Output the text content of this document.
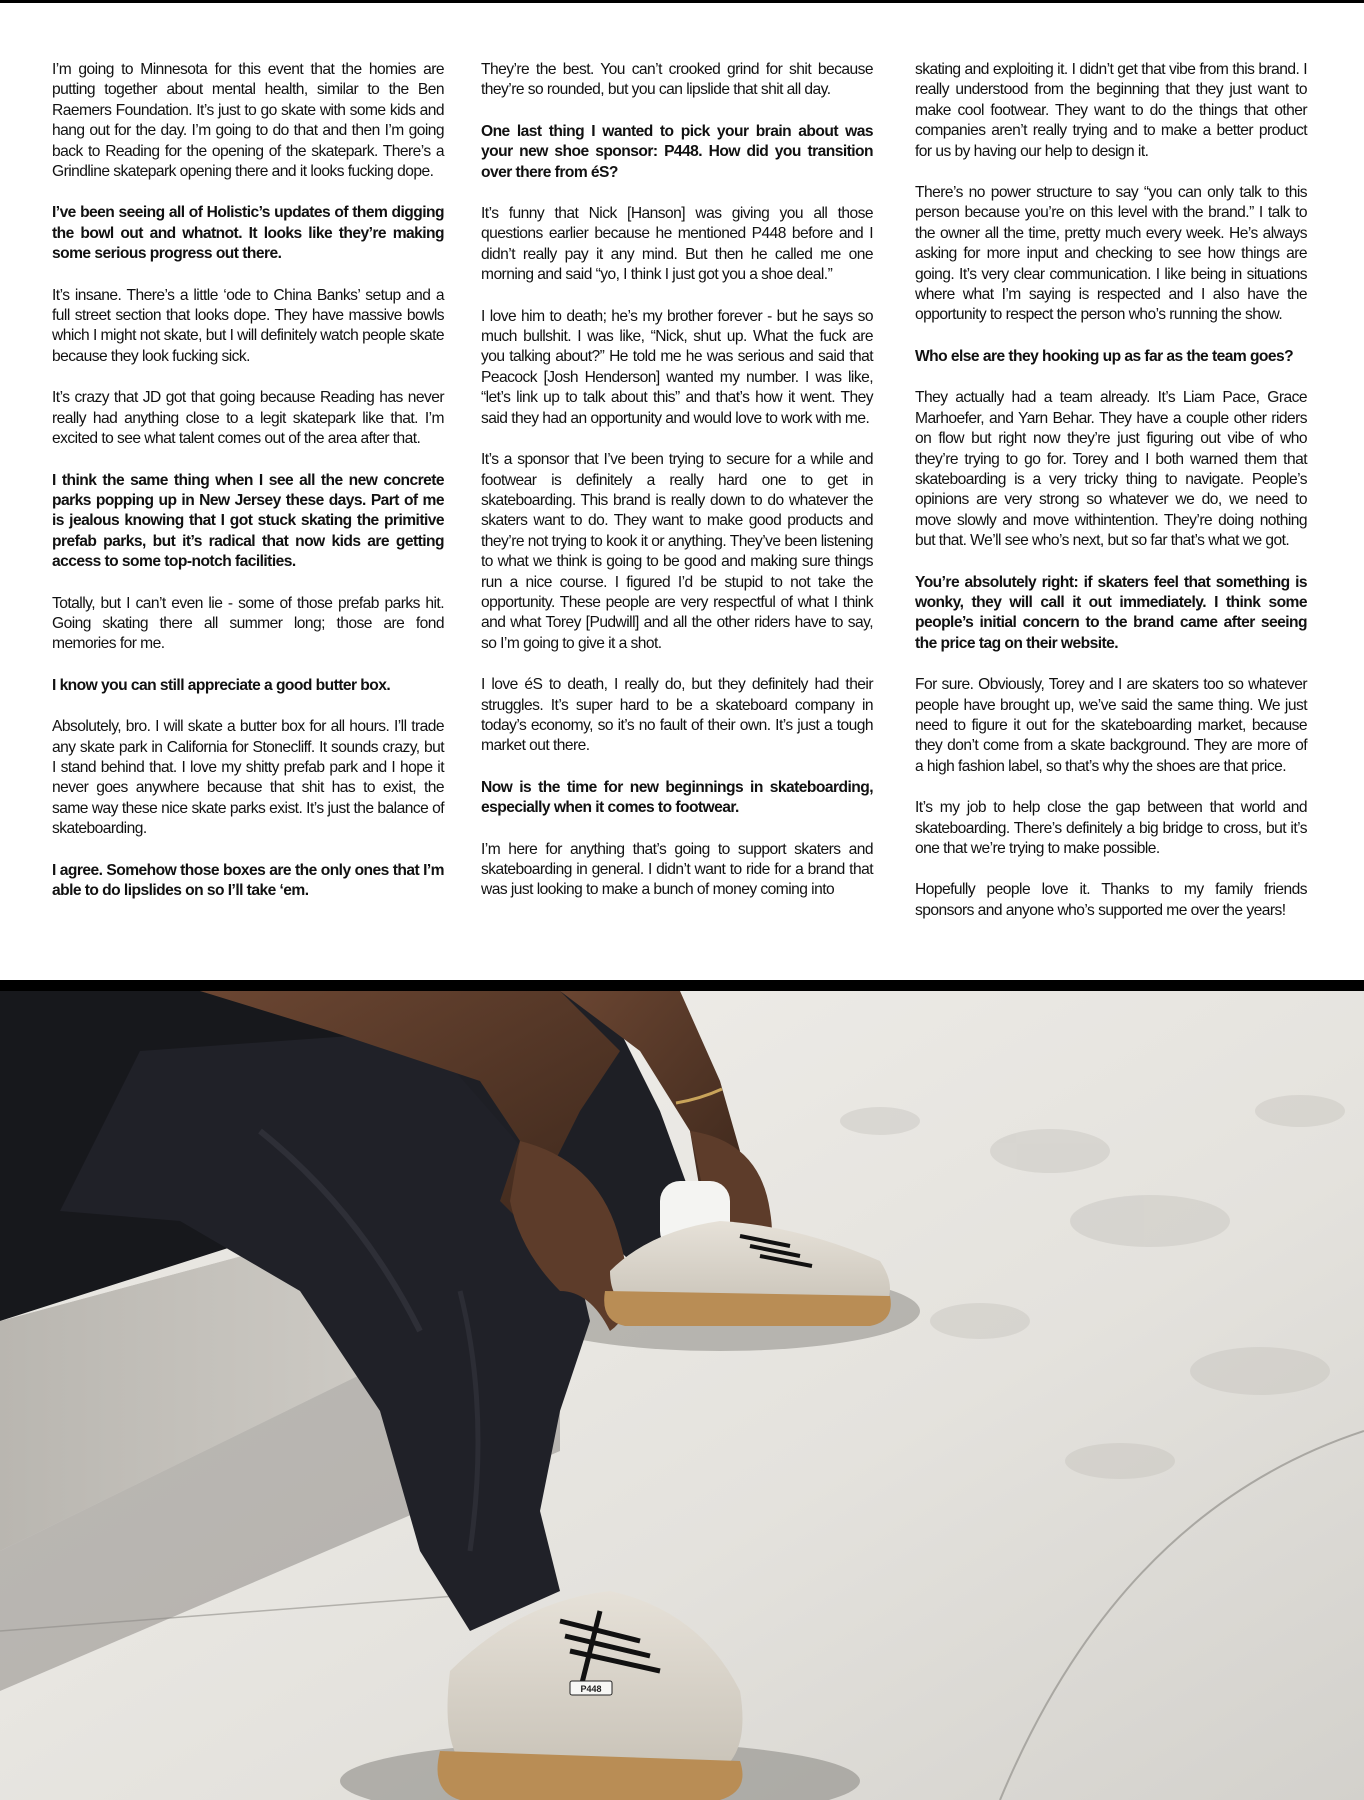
I’m going to Minnesota for this event that the homies are putting together about mental health, similar to the Ben Raemers Foundation. It’s just to go skate with some kids and hang out for the day. I’m going to do that and then I’m going back to Reading for the opening of the skatepark. There’s a Grindline skatepark opening there and it looks fucking dope.

I’ve been seeing all of Holistic’s updates of them digging the bowl out and whatnot. It looks like they’re making some serious progress out there.

It’s insane. There’s a little ‘ode to China Banks’ setup and a full street section that looks dope. They have massive bowls which I might not skate, but I will definitely watch people skate because they look fucking sick.

It’s crazy that JD got that going because Reading has never really had anything close to a legit skatepark like that. I’m excited to see what talent comes out of the area after that.

I think the same thing when I see all the new concrete parks popping up in New Jersey these days. Part of me is jealous knowing that I got stuck skating the primitive prefab parks, but it’s radical that now kids are getting access to some top-notch facilities.

Totally, but I can’t even lie - some of those prefab parks hit. Going skating there all summer long; those are fond memories for me.

I know you can still appreciate a good butter box.

Absolutely, bro. I will skate a butter box for all hours. I’ll trade any skate park in California for Stonecliff. It sounds crazy, but I stand behind that. I love my shitty prefab park and I hope it never goes anywhere because that shit has to exist, the same way these nice skate parks exist. It’s just the balance of skateboarding.

I agree. Somehow those boxes are the only ones that I’m able to do lipslides on so I’ll take ‘em.

They’re the best. You can’t crooked grind for shit because they’re so rounded, but you can lipslide that shit all day.

One last thing I wanted to pick your brain about was your new shoe sponsor: P448. How did you transition over there from éS?

It’s funny that Nick [Hanson] was giving you all those questions earlier because he mentioned P448 before and I didn’t really pay it any mind. But then he called me one morning and said “yo, I think I just got you a shoe deal.”

I love him to death; he’s my brother forever - but he says so much bullshit. I was like, “Nick, shut up. What the fuck are you talking about?” He told me he was serious and said that Peacock [Josh Henderson] wanted my number. I was like, “let’s link up to talk about this” and that’s how it went. They said they had an opportunity and would love to work with me.

It’s a sponsor that I’ve been trying to secure for a while and footwear is definitely a really hard one to get in skateboarding. This brand is really down to do whatever the skaters want to do. They want to make good products and they’re not trying to kook it or anything. They’ve been listening to what we think is going to be good and making sure things run a nice course. I figured I’d be stupid to not take the opportunity. These people are very respectful of what I think and what Torey [Pudwill] and all the other riders have to say, so I’m going to give it a shot.

I love éS to death, I really do, but they definitely had their struggles. It’s super hard to be a skateboard company in today’s economy, so it’s no fault of their own. It’s just a tough market out there.

Now is the time for new beginnings in skateboarding, especially when it comes to footwear.

I’m here for anything that’s going to support skaters and skateboarding in general. I didn’t want to ride for a brand that was just looking to make a bunch of money coming into

skating and exploiting it. I didn’t get that vibe from this brand. I really understood from the beginning that they just want to make cool footwear. They want to do the things that other companies aren’t really trying and to make a better product for us by having our help to design it.

There’s no power structure to say “you can only talk to this person because you’re on this level with the brand.” I talk to the owner all the time, pretty much every week. He’s always asking for more input and checking to see how things are going. It’s very clear communication. I like being in situations where what I’m saying is respected and I also have the opportunity to respect the person who’s running the show.

Who else are they hooking up as far as the team goes?

They actually had a team already. It’s Liam Pace, Grace Marhoefer, and Yarn Behar. They have a couple other riders on flow but right now they’re just figuring out vibe of who they’re trying to go for. Torey and I both warned them that skateboarding is a very tricky thing to navigate. People’s opinions are very strong so whatever we do, we need to move slowly and move withintention. They’re doing nothing but that. We’ll see who’s next, but so far that’s what we got.

You’re absolutely right: if skaters feel that something is wonky, they will call it out immediately. I think some people’s initial concern to the brand came after seeing the price tag on their website.

For sure. Obviously, Torey and I are skaters too so whatever people have brought up, we’ve said the same thing. We just need to figure it out for the skateboarding market, because they don’t come from a skate background. They are more of a high fashion label, so that’s why the shoes are that price.

It’s my job to help close the gap between that world and skateboarding. There’s definitely a big bridge to cross, but it’s one that we’re trying to make possible.

Hopefully people love it. Thanks to my family friends sponsors and anyone who’s supported me over the years!

P448
